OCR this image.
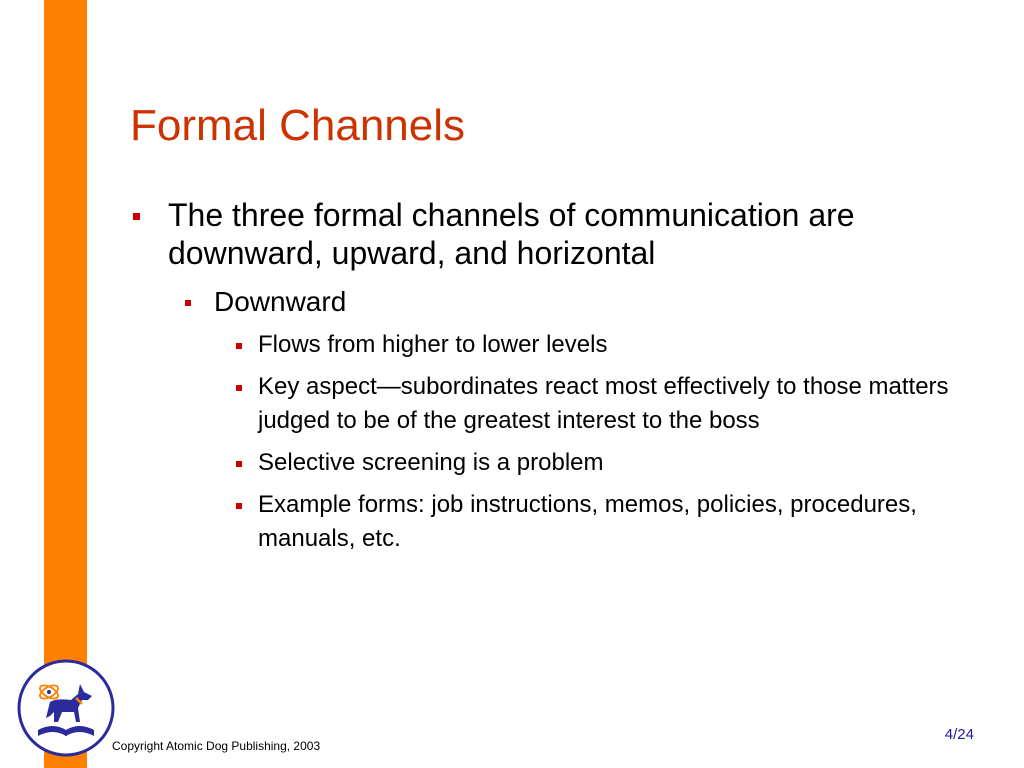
Formal Channels
The three formal channels of communication are downward, upward, and horizontal
Downward
Flows from higher to lower levels
Key aspect—subordinates react most effectively to those matters judged to be of the greatest interest to the boss
Selective screening is a problem
Example forms: job instructions, memos, policies, procedures, manuals, etc.
Copyright Atomic Dog Publishing, 2003
4/24
